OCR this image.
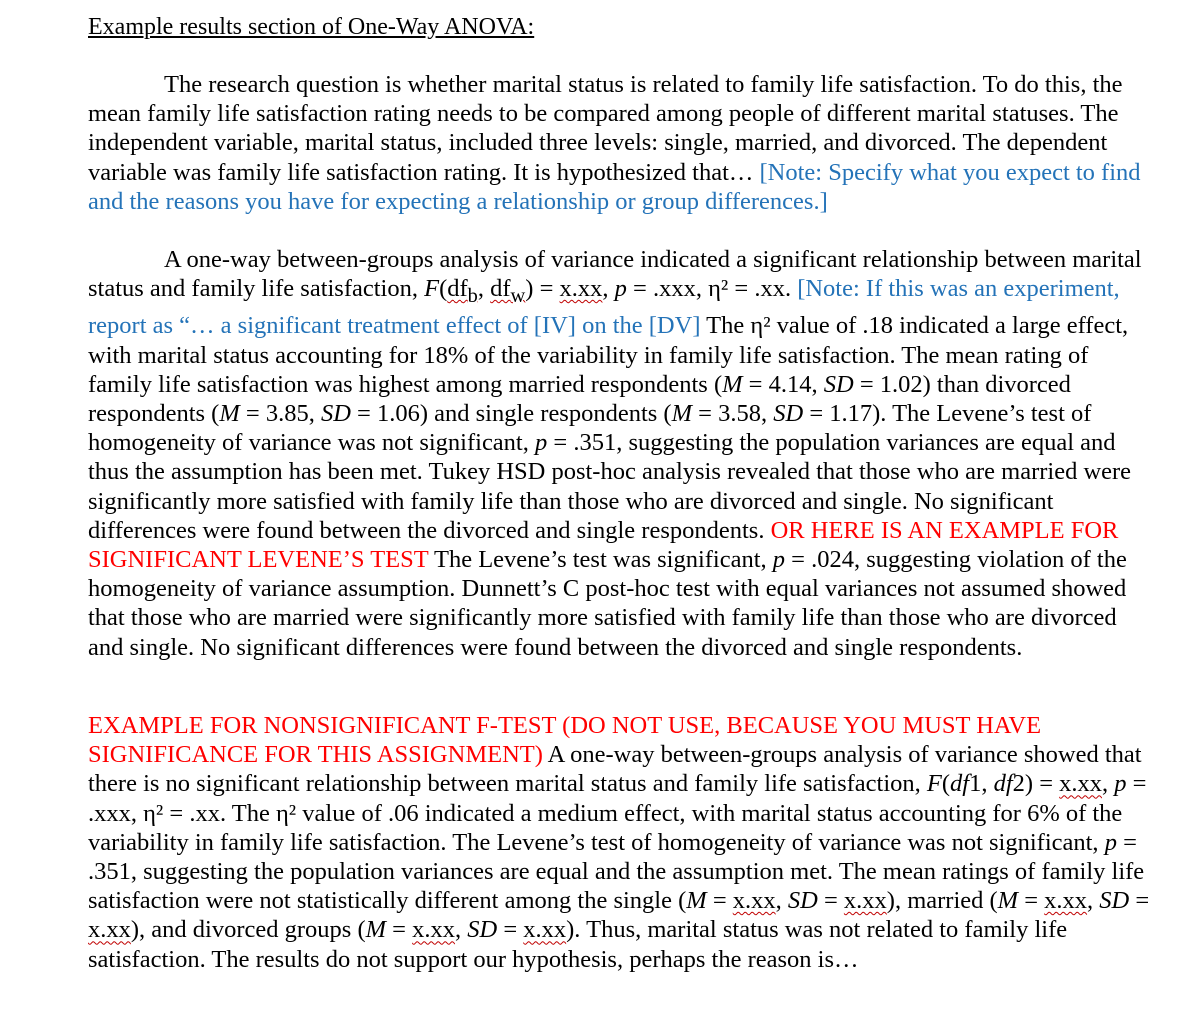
Example results section of One-Way ANOVA:
The research question is whether marital status is related to family life satisfaction. To do this, the mean family life satisfaction rating needs to be compared among people of different marital statuses. The independent variable, marital status, included three levels: single, married, and divorced. The dependent variable was family life satisfaction rating. It is hypothesized that… [Note: Specify what you expect to find and the reasons you have for expecting a relationship or group differences.]
A one-way between-groups analysis of variance indicated a significant relationship between marital status and family life satisfaction, $F(df_b$, $df_w) = x.xx$, p = .xxx, η² = .xx. [Note: If this was an experiment, report as “… a significant treatment effect of [IV] on the [DV] The η² value of .18 indicated a large effect, with marital status accounting for 18% of the variability in family life satisfaction. The mean rating of family life satisfaction was highest among married respondents (M = 4.14, SD = 1.02) than divorced respondents (M = 3.85, SD = 1.06) and single respondents (M = 3.58, SD = 1.17). The Levene’s test of homogeneity of variance was not significant, p = .351, suggesting the population variances are equal and thus the assumption has been met. Tukey HSD post-hoc analysis revealed that those who are married were significantly more satisfied with family life than those who are divorced and single. No significant differences were found between the divorced and single respondents. OR HERE IS AN EXAMPLE FOR SIGNIFICANT LEVENE’S TEST The Levene’s test was significant, p = .024, suggesting violation of the homogeneity of variance assumption. Dunnett’s C post-hoc test with equal variances not assumed showed that those who are married were significantly more satisfied with family life than those who are divorced and single. No significant differences were found between the divorced and single respondents.
EXAMPLE FOR NONSIGNIFICANT F-TEST (DO NOT USE, BECAUSE YOU MUST HAVE SIGNIFICANCE FOR THIS ASSIGNMENT) A one-way between-groups analysis of variance showed that there is no significant relationship between marital status and family life satisfaction, F(df1, df2) = x.xx, p = .xxx, η² = .xx. The η² value of .06 indicated a medium effect, with marital status accounting for 6% of the variability in family life satisfaction. The Levene’s test of homogeneity of variance was not significant, p = .351, suggesting the population variances are equal and the assumption met. The mean ratings of family life satisfaction were not statistically different among the single (M = x.xx, SD = x.xx), married (M = x.xx, SD = x.xx), and divorced groups (M = x.xx, SD = x.xx). Thus, marital status was not related to family life satisfaction. The results do not support our hypothesis, perhaps the reason is…
